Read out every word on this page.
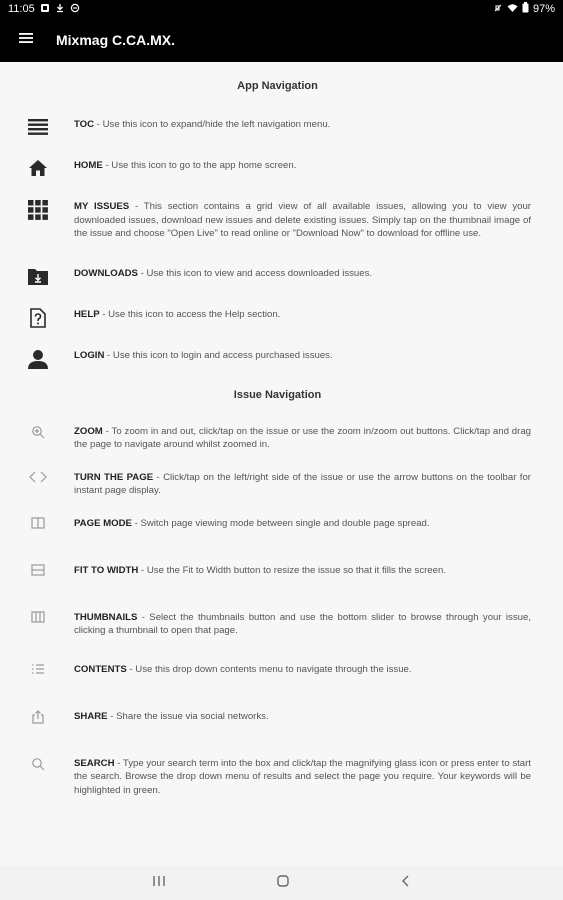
11:05	97%
Mixmag C.CA.MX.
App Navigation
TOC - Use this icon to expand/hide the left navigation menu.
HOME - Use this icon to go to the app home screen.
MY ISSUES - This section contains a grid view of all available issues, allowing you to view your downloaded issues, download new issues and delete existing issues. Simply tap on the thumbnail image of the issue and choose "Open Live" to read online or "Download Now" to download for offline use.
DOWNLOADS - Use this icon to view and access downloaded issues.
HELP - Use this icon to access the Help section.
LOGIN - Use this icon to login and access purchased issues.
Issue Navigation
ZOOM - To zoom in and out, click/tap on the issue or use the zoom in/zoom out buttons. Click/tap and drag the page to navigate around whilst zoomed in.
TURN THE PAGE - Click/tap on the left/right side of the issue or use the arrow buttons on the toolbar for instant page display.
PAGE MODE - Switch page viewing mode between single and double page spread.
FIT TO WIDTH - Use the Fit to Width button to resize the issue so that it fills the screen.
THUMBNAILS - Select the thumbnails button and use the bottom slider to browse through your issue, clicking a thumbnail to open that page.
CONTENTS - Use this drop down contents menu to navigate through the issue.
SHARE - Share the issue via social networks.
SEARCH - Type your search term into the box and click/tap the magnifying glass icon or press enter to start the search. Browse the drop down menu of results and select the page you require. Your keywords will be highlighted in green.
